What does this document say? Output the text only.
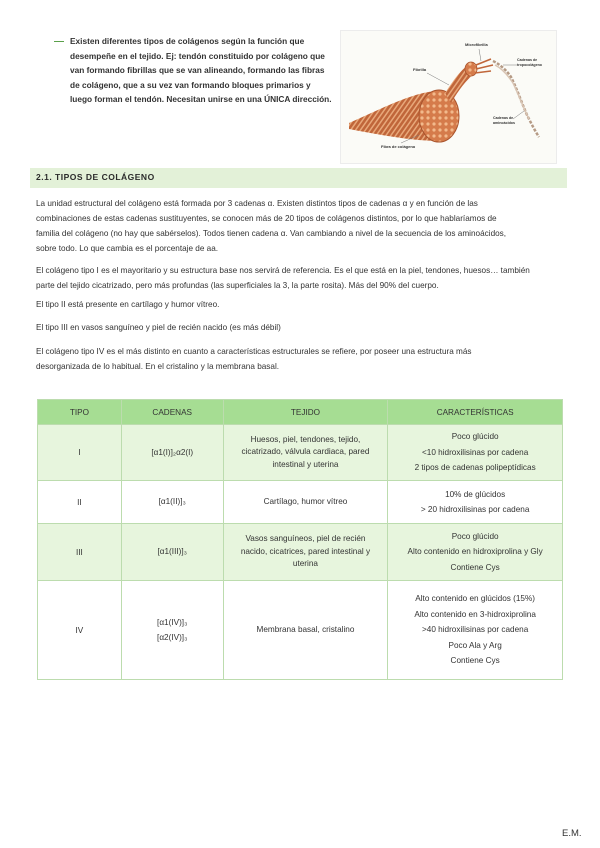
Existen diferentes tipos de colágenos según la función que desempeñe en el tejido. Ej: tendón constituido por colágeno que van formando fibrillas que se van alineando, formando las fibras de colágeno, que a su vez van formando bloques primarios y luego forman el tendón. Necesitan unirse en una ÚNICA dirección.
Microfibrilla
Fibrilla
Cadenas de
tropocolágeno
Cadenas de
aminoácidos
Fibra de colágeno
2.1. TIPOS DE COLÁGENO

La unidad estructural del colágeno está formada por 3 cadenas α. Existen distintos tipos de cadenas α y en función de las
combinaciones de estas cadenas sustituyentes, se conocen más de 20 tipos de colágenos distintos, por lo que hablaríamos de
familia del colágeno (no hay que sabérselos). Todos tienen cadena α. Van cambiando a nivel de la secuencia de los aminoácidos,
sobre todo. Lo que cambia es el porcentaje de aa.

El colágeno tipo I es el mayoritario y su estructura base nos servirá de referencia. Es el que está en la piel, tendones, huesos… también
parte del tejido cicatrizado, pero más profundas (las superficiales la 3, la parte rosita). Más del 90% del cuerpo.

El tipo II está presente en cartílago y humor vítreo.

El tipo III en vasos sanguíneo y piel de recién nacido (es más débil)

El colágeno tipo IV es el más distinto en cuanto a características estructurales se refiere, por poseer una estructura más
desorganizada de lo habitual. En el cristalino y la membrana basal.

TIPO	CADENAS	TEJIDO	CARACTERÍSTICAS
I	[α1(I)]₂α2(I)	Huesos, piel, tendones, tejido,
cicatrizado, válvula cardiaca, pared
intestinal y uterina	Poco glúcido
<10 hidroxilisinas por cadena
2 tipos de cadenas polipeptídicas

II	[α1(II)]₃	Cartílago, humor vítreo	10% de glúcidos
> 20 hidroxilisinas por cadena

III	[α1(III)]₃	Vasos sanguíneos, piel de recién
nacido, cicatrices, pared intestinal y
uterina	Poco glúcido
Alto contenido en hidroxiprolina y Gly
Contiene Cys

IV	[α1(IV)]₃
[α2(IV)]₃	Membrana basal, cristalino	Alto contenido en glúcidos (15%)
Alto contenido en 3-hidroxiprolina
>40 hidroxilisinas por cadena
Poco Ala y Arg
Contiene Cys
E.M.
